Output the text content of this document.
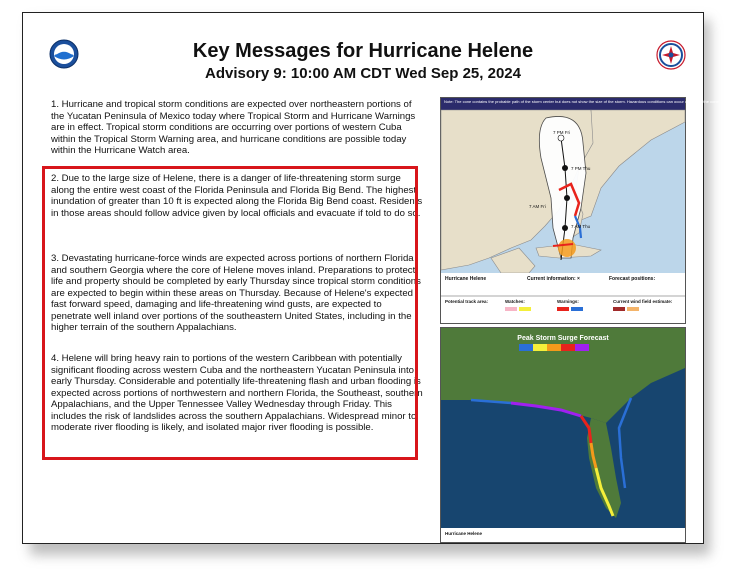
Key Messages for Hurricane Helene
Advisory 9: 10:00 AM CDT Wed Sep 25, 2024
1. Hurricane and tropical storm conditions are expected over northeastern portions of the Yucatan Peninsula of Mexico today where Tropical Storm and Hurricane Warnings are in effect. Tropical storm conditions are occurring over portions of western Cuba within the Tropical Storm Warning area, and hurricane conditions are possible today within the Hurricane Watch area.
2. Due to the large size of Helene, there is a danger of life-threatening storm surge along the entire west coast of the Florida Peninsula and Florida Big Bend. The highest inundation of greater than 10 ft is expected along the Florida Big Bend coast. Residents in those areas should follow advice given by local officials and evacuate if told to do so.
3. Devastating hurricane-force winds are expected across portions of northern Florida and southern Georgia where the core of Helene moves inland. Preparations to protect life and property should be completed by early Thursday since tropical storm conditions are expected to begin within these areas on Thursday. Because of Helene's expected fast forward speed, damaging and life-threatening wind gusts, are expected to penetrate well inland over portions of the southeastern United States, including in the higher terrain of the southern Appalachians.
4. Helene will bring heavy rain to portions of the western Caribbean with potentially significant flooding across western Cuba and the northeastern Yucatan Peninsula into early Thursday. Considerable and potentially life-threatening flash and urban flooding is expected across portions of northwestern and northern Florida, the Southeast, southern Appalachians, and the Upper Tennessee Valley Wednesday through Friday. This includes the risk of landslides across the southern Appalachians. Widespread minor to moderate river flooding is likely, and isolated major river flooding is possible.
Note: The cone contains the probable path of the storm center but does not show the size of the storm. Hazardous conditions can occur outside of the cone.
7 PM Fri
7 PM Thu
7 AM Fri
7 AM Thu
Hurricane Helene	Current information: ×	Forecast positions:
Potential track area:	Watches:	Warnings:	Current wind field estimate:
Peak Storm Surge Forecast
Hurricane Helene
